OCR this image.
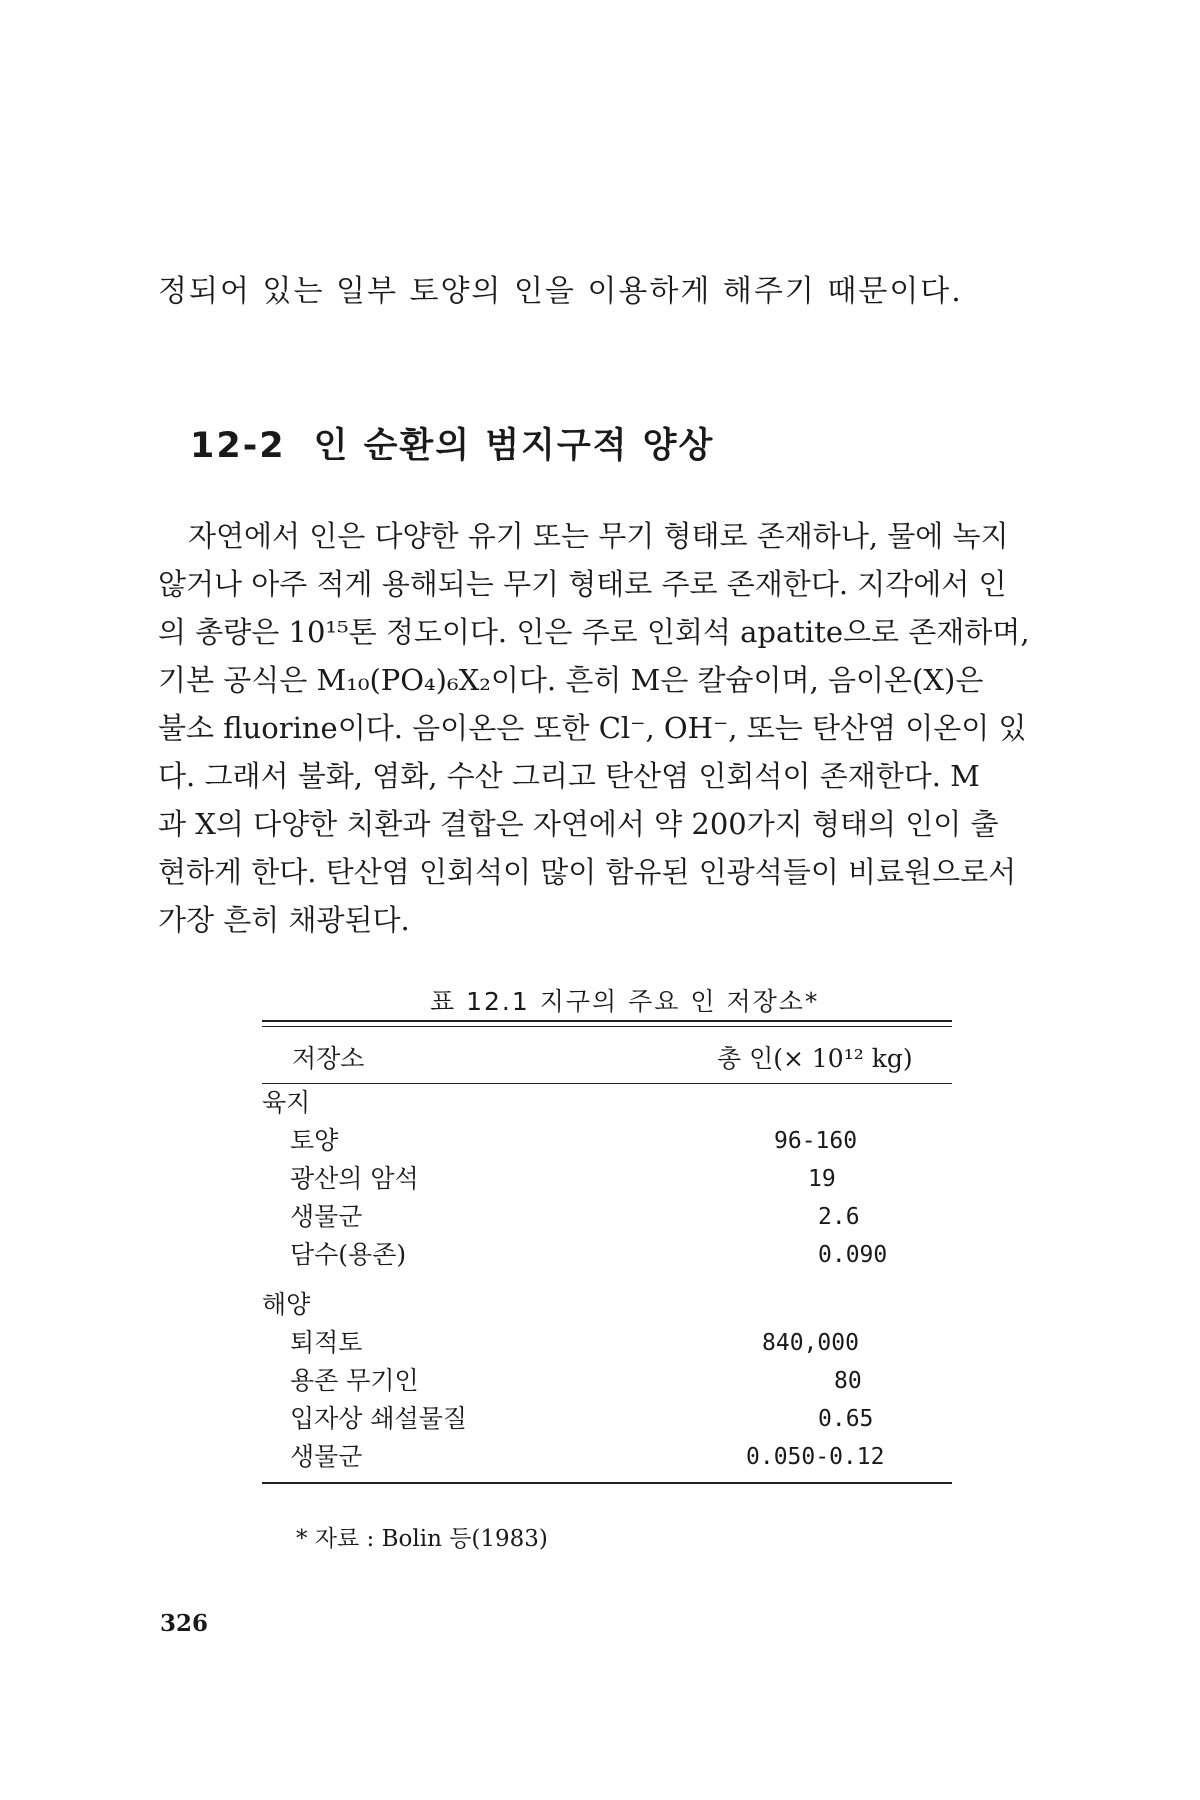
정되어 있는 일부 토양의 인을 이용하게 해주기 때문이다.
12-2 인 순환의 범지구적 양상
자연에서 인은 다양한 유기 또는 무기 형태로 존재하나, 물에 녹지
않거나 아주 적게 용해되는 무기 형태로 주로 존재한다. 지각에서 인
의 총량은 10¹⁵톤 정도이다. 인은 주로 인회석 apatite으로 존재하며,
기본 공식은 M₁₀(PO₄)₆X₂이다. 흔히 M은 칼슘이며, 음이온(X)은
불소 fluorine이다. 음이온은 또한 Cl⁻, OH⁻, 또는 탄산염 이온이 있
다. 그래서 불화, 염화, 수산 그리고 탄산염 인회석이 존재한다. M
과 X의 다양한 치환과 결합은 자연에서 약 200가지 형태의 인이 출
현하게 한다. 탄산염 인회석이 많이 함유된 인광석들이 비료원으로서
가장 흔히 채광된다.
표 12.1 지구의 주요 인 저장소*
저장소	총 인(× 10¹² kg)
육지
토양	96-160
광산의 암석	19
생물군	2.6
담수(용존)	0.090
해양
퇴적토	840,000
용존 무기인	80
입자상 쇄설물질	0.65
생물군	0.050-0.12
* 자료 : Bolin 등(1983)
326
